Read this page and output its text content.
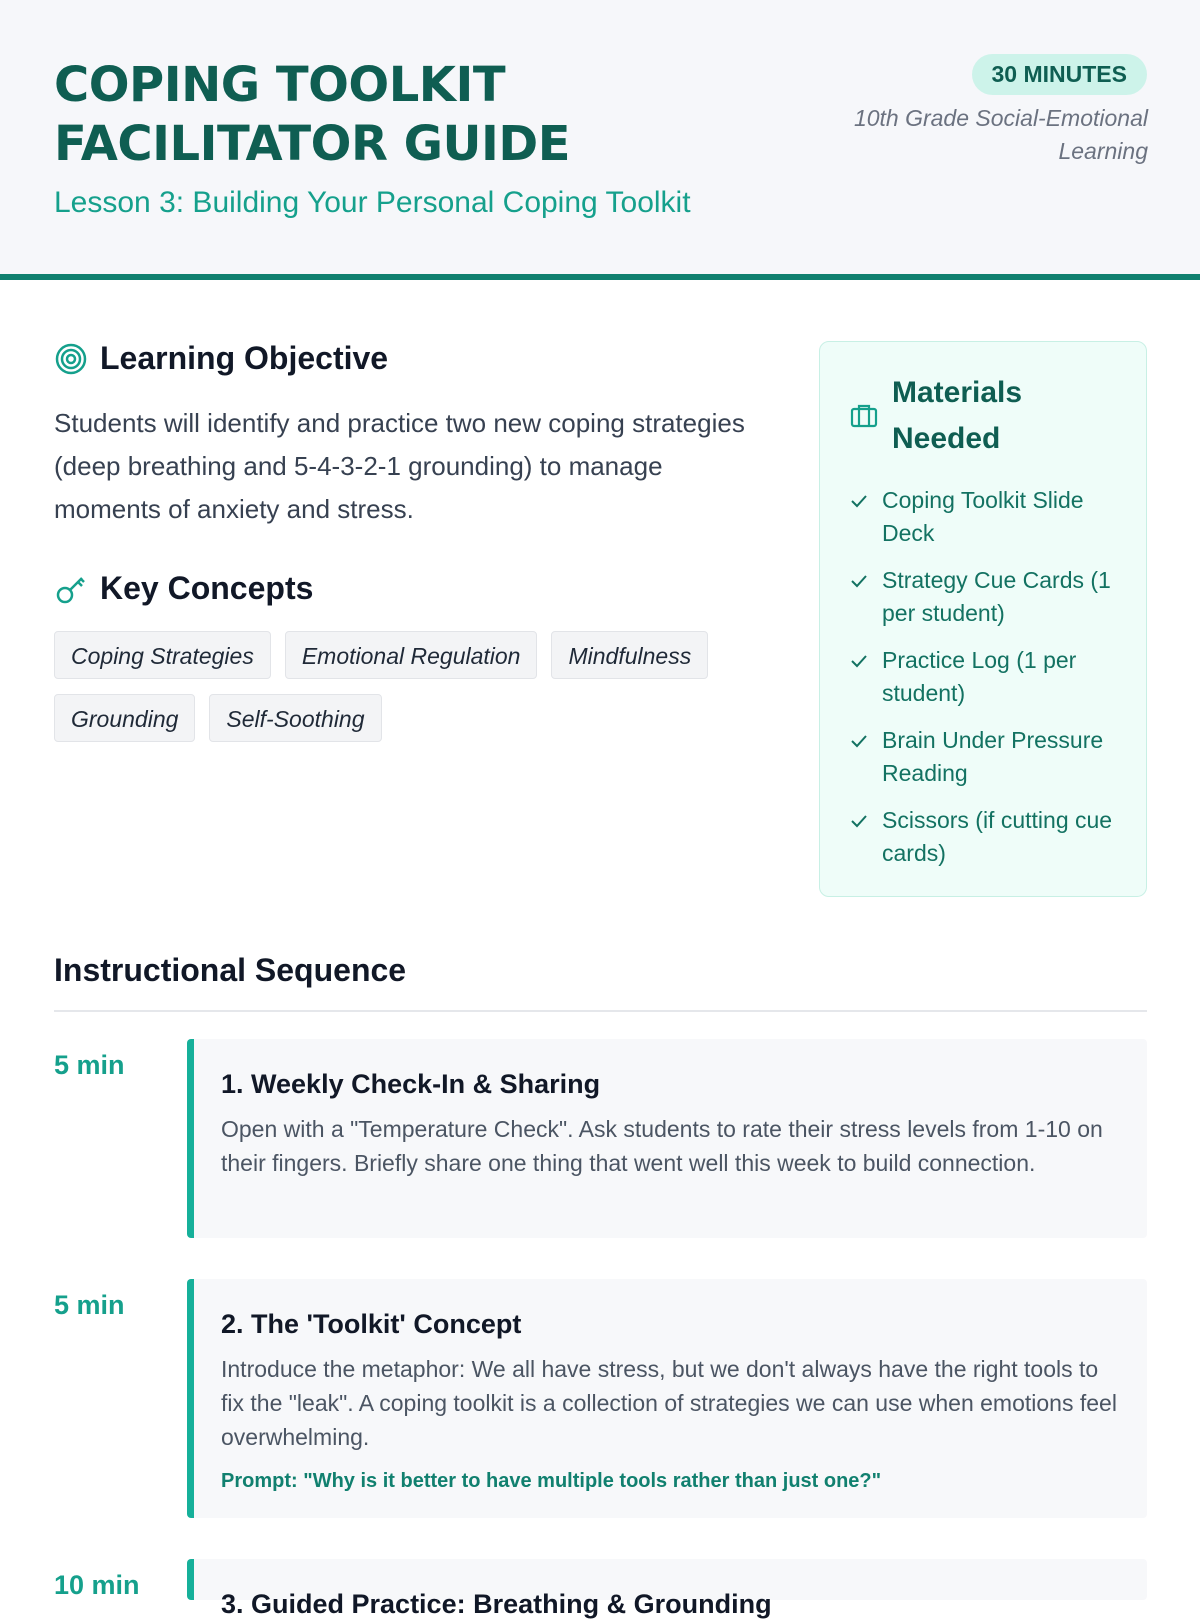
COPING TOOLKIT
FACILITATOR GUIDE

Lesson 3: Building Your Personal Coping Toolkit

30 MINUTES
10th Grade Social-Emotional Learning
Learning Objective

Students will identify and practice two new coping strategies (deep breathing and 5-4-3-2-1 grounding) to manage moments of anxiety and stress.

Key Concepts
Coping Strategies	Emotional Regulation	Mindfulness
Grounding	Self-Soothing
Materials Needed
Coping Toolkit Slide Deck
Strategy Cue Cards (1 per student)
Practice Log (1 per student)
Brain Under Pressure Reading
Scissors (if cutting cue cards)
Instructional Sequence
5 min
1. Weekly Check-In & Sharing

Open with a "Temperature Check". Ask students to rate their stress levels from 1-10 on their fingers. Briefly share one thing that went well this week to build connection.

5 min
2. The 'Toolkit' Concept

Introduce the metaphor: We all have stress, but we don't always have the right tools to fix the "leak". A coping toolkit is a collection of strategies we can use when emotions feel overwhelming.

Prompt: "Why is it better to have multiple tools rather than just one?"

10 min
3. Guided Practice: Breathing & Grounding
